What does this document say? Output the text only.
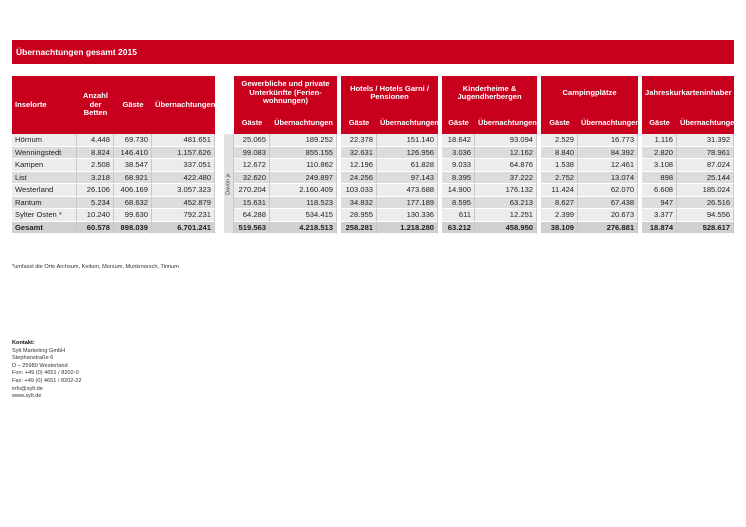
Übernachtungen gesamt 2015
Inselorte	Anzahl der Betten	Gäste	Übernachtungen			Gewerbliche und private Unterkünfte (Ferien-wohnungen)			Hotels / Hotels Garni / Pensionen			Kinderheime & Jugendherbergen			Campingplätze			Jahreskurkarteninhaber	
						Gäste	Übernachtungen		Gäste	Übernachtungen		Gäste	Übernachtungen		Gäste	Übernachtungen		Gäste	Übernachtungen
Hörnum	4.448	69.730	481.651		Davon je	25.065	189.252		22.378	151.140		18.642	93.094		2.529	16.773		1.116	31.392
Wenningstedt	8.824	146.410	1.157.626			99.083	855.155		32.631	126.956		3.036	12.162		8.840	84.392		2.820	78.961
Kampen	2.508	38.547	337.051			12.672	110.862		12.196	61.828		9.033	64.876		1.538	12.461		3.108	87.024
List	3.218	68.921	422.480			32.620	249.897		24.256	97.143		8.395	37.222		2.752	13.074		898	25.144
Westerland	26.106	406.169	3.057.323			270.204	2.160.409		103.033	473.688		14.900	176.132		11.424	62.070		6.608	185.024
Rantum	5.234	68.632	452.879			15.631	118.523		34.832	177.189		8.595	63.213		8.627	67.438		947	26.516
Sylter Osten *	10.240	99.630	792.231			64.288	534.415		28.955	130.336		611	12.251		2.399	20.673		3.377	94.556
Gesamt	60.578	898.039	6.701.241			519.563	4.218.513		258.281	1.218.280		63.212	458.950		38.109	276.881		18.874	528.617
*umfasst die Orte Archsum, Keitum, Morsum, Munkmarsch, Tinnum
Kontakt:
Sylt Marketing GmbH
Stephanstraße 6
D – 25980 Westerland
Fon: +49 (0) 4651 / 8202-0
Fax: +49 (0) 4651 / 8202-22
info@sylt.de
www.sylt.de
